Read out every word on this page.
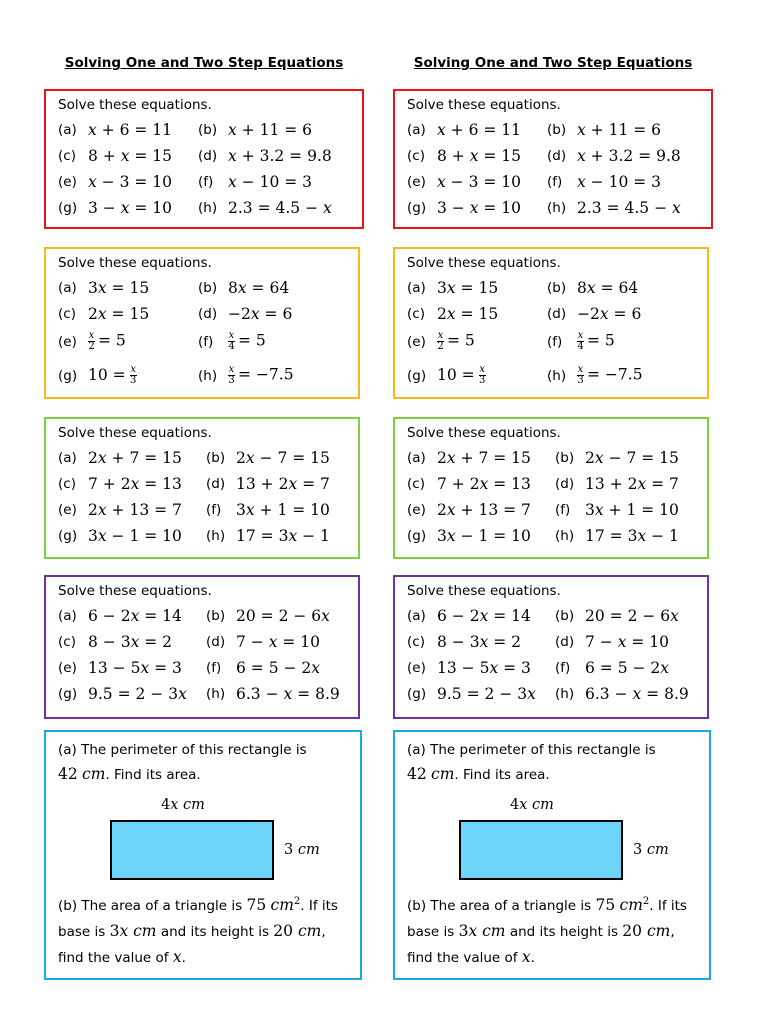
Solving One and Two Step Equations
Solve these equations.
(a) x + 6 = 11 (b) x + 11 = 6
(c) 8 + x = 15 (d) x + 3.2 = 9.8
(e) x − 3 = 10 (f) x − 10 = 3
(g) 3 − x = 10 (h) 2.3 = 4.5 − x
Solve these equations.
(a) 3x = 15	(b) 8x = 64
(c) 2x = 15	(d) −2x = 6
(e)	$\frac{x}{2} = 5$	(f)	$\frac{x}{4} = 5$
(g) $10 = \frac{x}{3}$	(h)	$\frac{x}{3} = -7.5$
Solve these equations.
(a) 2x + 7 = 15 (b) 2x − 7 = 15
(c) 7 + 2x = 13 (d) 13 + 2x = 7
(e) 2x + 13 = 7 (f) 3x + 1 = 10
(g) 3x − 1 = 10 (h) 17 = 3x − 1
Solve these equations.
(a) 6 − 2x = 14 (b) 20 = 2 − 6x
(c) 8 − 3x = 2	(d) 7 − x = 10
(e) 13 − 5x = 3 (f) 6 = 5 − 2x
(g) 9.5 = 2 − 3x (h) 6.3 − x = 8.9
(a) The perimeter of this rectangle is
42 cm. Find its area.
4x cm
3 cm
(b) The area of a triangle is 75 $cm^2$. If its
base is 3x cm and its height is 20 cm,
find the value of x.
Solving One and Two Step Equations
Solve these equations.
(a) x + 6 = 11 (b) x + 11 = 6
(c) 8 + x = 15 (d) x + 3.2 = 9.8
(e) x − 3 = 10 (f) x − 10 = 3
(g) 3 − x = 10 (h) 2.3 = 4.5 − x
Solve these equations.
(a) 3x = 15	(b) 8x = 64
(c) 2x = 15	(d) −2x = 6
(e)	$\frac{x}{2} = 5$	(f)	$\frac{x}{4} = 5$
(g) $10 = \frac{x}{3}$	(h)	$\frac{x}{3} = -7.5$
Solve these equations.
(a) 2x + 7 = 15 (b) 2x − 7 = 15
(c) 7 + 2x = 13 (d) 13 + 2x = 7
(e) 2x + 13 = 7 (f) 3x + 1 = 10
(g) 3x − 1 = 10 (h) 17 = 3x − 1
Solve these equations.
(a) 6 − 2x = 14 (b) 20 = 2 − 6x
(c) 8 − 3x = 2	(d) 7 − x = 10
(e) 13 − 5x = 3 (f) 6 = 5 − 2x
(g) 9.5 = 2 − 3x (h) 6.3 − x = 8.9
(a) The perimeter of this rectangle is
42 cm. Find its area.
4x cm
3 cm
(b) The area of a triangle is 75 $cm^2$. If its
base is 3x cm and its height is 20 cm,
find the value of x.
